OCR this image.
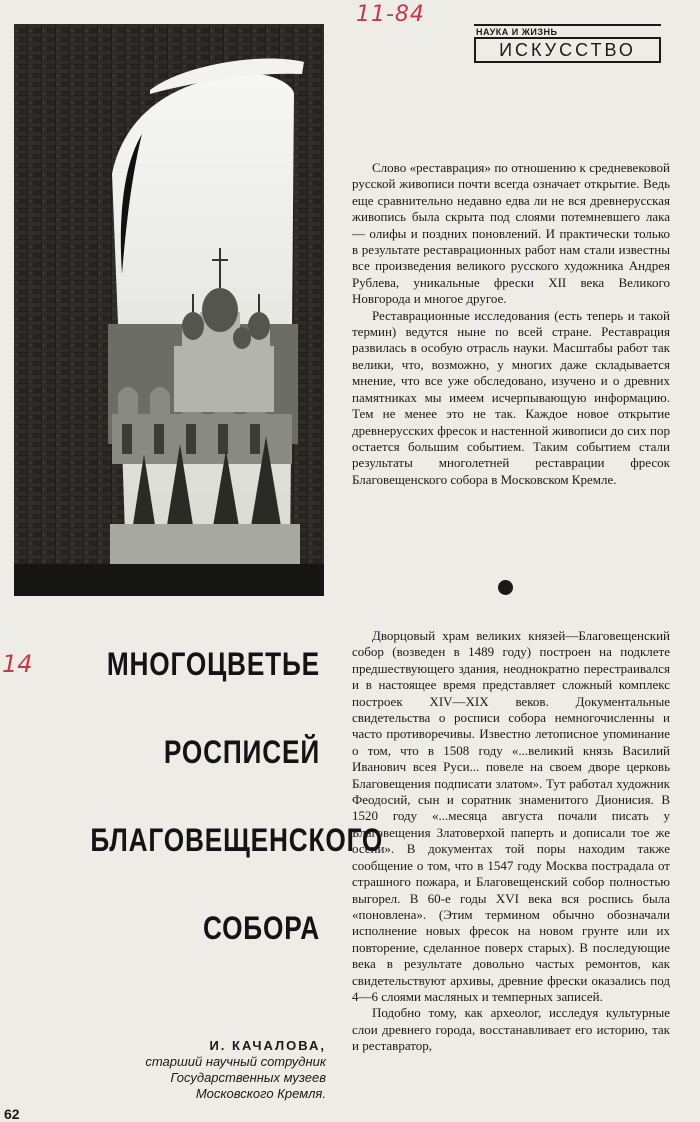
11-84
14
НАУКА И ЖИЗНЬ
ИСКУССТВО

Слово «реставрация» по отношению к средневековой русской живописи почти всегда означает открытие. Ведь еще сравнительно недавно едва ли не вся древнерусская живопись была скрыта под слоями потемневшего лака — олифы и поздних поновлений. И практически только в результате реставрационных работ нам стали известны все произведения великого русского художника Андрея Рублева, уникальные фрески XII века Великого Новгорода и многое другое.

Реставрационные исследования (есть теперь и такой термин) ведутся ныне по всей стране. Реставрация развилась в особую отрасль науки. Масштабы работ так велики, что, возможно, у многих даже складывается мнение, что все уже обследовано, изучено и о древних памятниках мы имеем исчерпывающую информацию. Тем не менее это не так. Каждое новое открытие древнерусских фресок и настенной живописи до сих пор остается большим событием. Таким событием стали результаты многолетней реставрации фресок Благовещенского собора в Московском Кремле.

МНОГОЦВЕТЬЕ
РОСПИСЕЙ
БЛАГОВЕЩЕНСКОГО
СОБОРА
И. КАЧАЛОВА,
старший научный сотрудник
Государственных музеев
Московского Кремля.

Дворцовый храм великих князей—Благовещенский собор (возведен в 1489 году) построен на подклете предшествующего здания, неоднократно перестраивался и в настоящее время представляет сложный комплекс построек XIV—XIX веков. Документальные свидетельства о росписи собора немногочисленны и часто противоречивы. Известно летописное упоминание о том, что в 1508 году «...великий князь Василий Иванович всея Руси... повеле на своем дворе церковь Благовещения подписати златом». Тут работал художник Феодосий, сын и соратник знаменитого Дионисия. В 1520 году «...месяца августа почали писать у Благовещения Златоверхой паперть и дописали тое же осени». В документах той поры находим также сообщение о том, что в 1547 году Москва пострадала от страшного пожара, и Благовещенский собор полностью выгорел. В 60-е годы XVI века вся роспись была «поновлена». (Этим термином обычно обозначали исполнение новых фресок на новом грунте или их повторение, сделанное поверх старых). В последующие века в результате довольно частых ремонтов, как свидетельствуют архивы, древние фрески оказались под 4—6 слоями масляных и темперных записей.

Подобно тому, как археолог, исследуя культурные слои древнего города, восстанавливает его историю, так и реставратор,

62
